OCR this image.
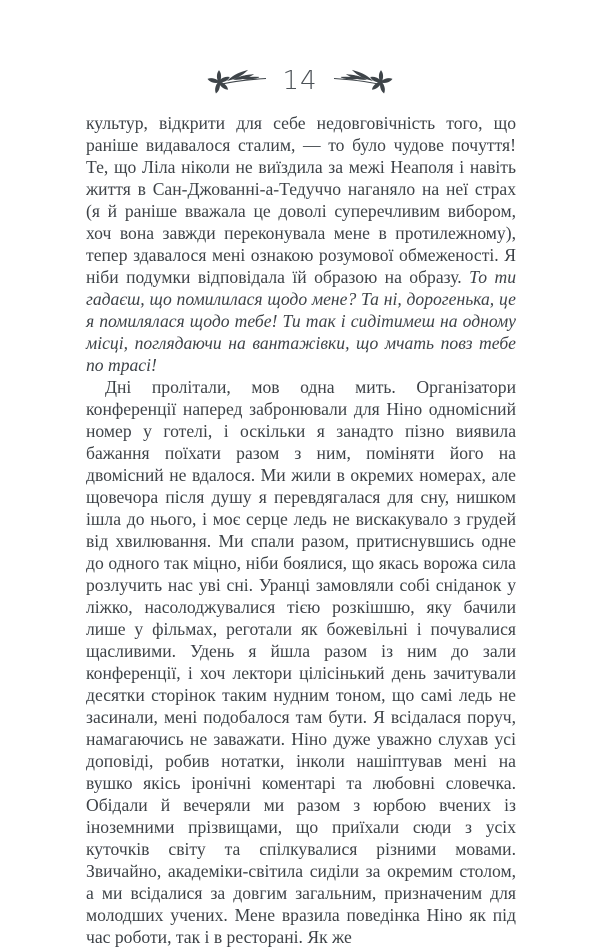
14

культур, відкрити для себе недовговічність того, що раніше видавалося сталим, — то було чудове почуття! Те, що Ліла ніколи не виїздила за межі Неаполя і навіть життя в Сан-Джованні-а-Тедуччо наганяло на неї страх (я й раніше вважала це доволі суперечливим вибором, хоч вона завжди переконувала мене в протилежному), тепер здавалося мені ознакою розумової обмеженості. Я ніби подумки відповідала їй образою на образу. То ти гадаєш, що помилилася щодо мене? Та ні, дорогенька, це я помилялася щодо тебе! Ти так і сидітимеш на одному місці, поглядаючи на вантажівки, що мчать повз тебе по трасі!

Дні пролітали, мов одна мить. Організатори конференції наперед забронювали для Ніно одномісний номер у готелі, і оскільки я занадто пізно виявила бажання поїхати разом з ним, поміняти його на двомісний не вдалося. Ми жили в окремих номерах, але щовечора після душу я перевдягалася для сну, нишком ішла до нього, і моє серце ледь не вискакувало з грудей від хвилювання. Ми спали разом, притиснувшись одне до одного так міцно, ніби боялися, що якась ворожа сила розлучить нас уві сні. Уранці замовляли собі сніданок у ліжко, насолоджувалися тією розкішшю, яку бачили лише у фільмах, реготали як божевільні і почувалися щасливими. Удень я йшла разом із ним до зали конференції, і хоч лектори цілісінький день зачитували десятки сторінок таким нудним тоном, що самі ледь не засинали, мені подобалося там бути. Я всідалася поруч, намагаючись не заважати. Ніно дуже уважно слухав усі доповіді, робив нотатки, інколи нашіптував мені на вушко якісь іронічні коментарі та любовні словечка. Обідали й вечеряли ми разом з юрбою вчених із іноземними прізвищами, що приїхали сюди з усіх куточків світу та спілкувалися різними мовами. Звичайно, академіки-світила сиділи за окремим столом, а ми всідалися за довгим загальним, призначеним для молодших учених. Мене вразила поведінка Ніно як під час роботи, так і в ресторані. Як же
